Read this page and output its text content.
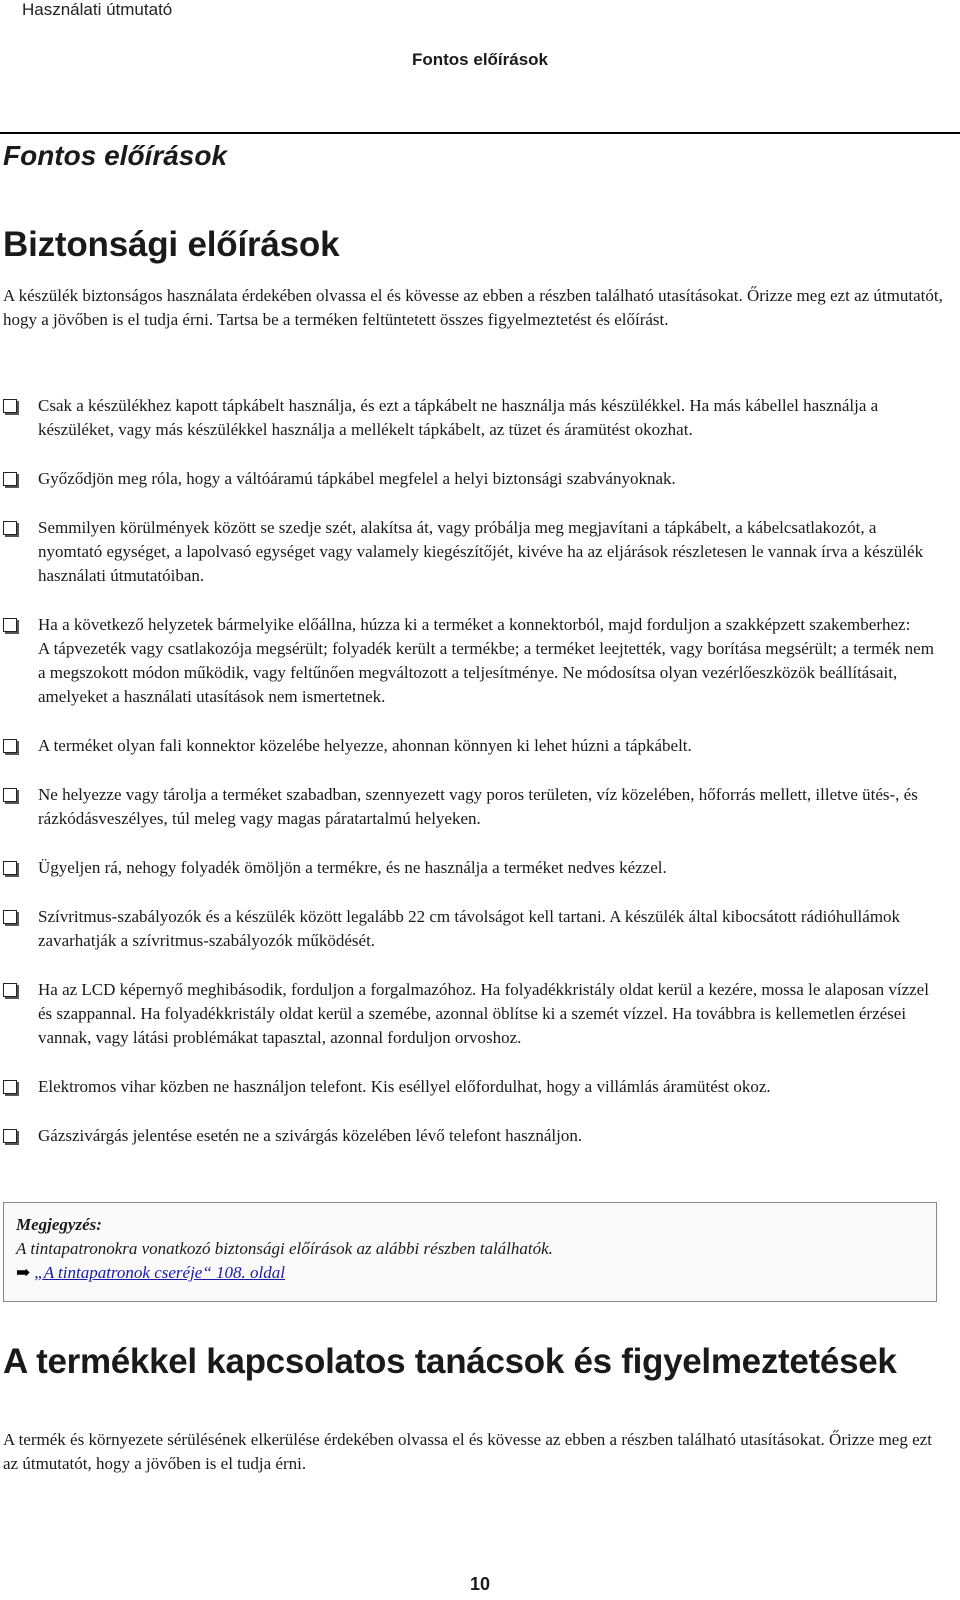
Használati útmutató
Fontos előírások
Fontos előírások
Biztonsági előírások

A készülék biztonságos használata érdekében olvassa el és kövesse az ebben a részben található utasításokat. Őrizze meg ezt az útmutatót, hogy a jövőben is el tudja érni. Tartsa be a terméken feltüntetett összes figyelmeztetést és előírást.

Csak a készülékhez kapott tápkábelt használja, és ezt a tápkábelt ne használja más készülékkel. Ha más kábellel használja a készüléket, vagy más készülékkel használja a mellékelt tápkábelt, az tüzet és áramütést okozhat.
Győződjön meg róla, hogy a váltóáramú tápkábel megfelel a helyi biztonsági szabványoknak.
Semmilyen körülmények között se szedje szét, alakítsa át, vagy próbálja meg megjavítani a tápkábelt, a kábelcsatlakozót, a nyomtató egységet, a lapolvasó egységet vagy valamely kiegészítőjét, kivéve ha az eljárások részletesen le vannak írva a készülék használati útmutatóiban.
Ha a következő helyzetek bármelyike előállna, húzza ki a terméket a konnektorból, majd forduljon a szakképzett szakemberhez:
A tápvezeték vagy csatlakozója megsérült; folyadék került a termékbe; a terméket leejtették, vagy borítása megsérült; a termék nem a megszokott módon működik, vagy feltűnően megváltozott a teljesítménye. Ne módosítsa olyan vezérlőeszközök beállításait, amelyeket a használati utasítások nem ismertetnek.
A terméket olyan fali konnektor közelébe helyezze, ahonnan könnyen ki lehet húzni a tápkábelt.
Ne helyezze vagy tárolja a terméket szabadban, szennyezett vagy poros területen, víz közelében, hőforrás mellett, illetve ütés-, és rázkódásveszélyes, túl meleg vagy magas páratartalmú helyeken.
Ügyeljen rá, nehogy folyadék ömöljön a termékre, és ne használja a terméket nedves kézzel.
Szívritmus-szabályozók és a készülék között legalább 22 cm távolságot kell tartani. A készülék által kibocsátott rádióhullámok zavarhatják a szívritmus-szabályozók működését.
Ha az LCD képernyő meghibásodik, forduljon a forgalmazóhoz. Ha folyadékkristály oldat kerül a kezére, mossa le alaposan vízzel és szappannal. Ha folyadékkristály oldat kerül a szemébe, azonnal öblítse ki a szemét vízzel. Ha továbbra is kellemetlen érzései vannak, vagy látási problémákat tapasztal, azonnal forduljon orvoshoz.
Elektromos vihar közben ne használjon telefont. Kis eséllyel előfordulhat, hogy a villámlás áramütést okoz.
Gázszivárgás jelentése esetén ne a szivárgás közelében lévő telefont használjon.
Megjegyzés:
A tintapatronokra vonatkozó biztonsági előírások az alábbi részben találhatók.
➡ „A tintapatronok cseréje“ 108. oldal
A termékkel kapcsolatos tanácsok és figyelmeztetések

A termék és környezete sérülésének elkerülése érdekében olvassa el és kövesse az ebben a részben található utasításokat. Őrizze meg ezt az útmutatót, hogy a jövőben is el tudja érni.

10
